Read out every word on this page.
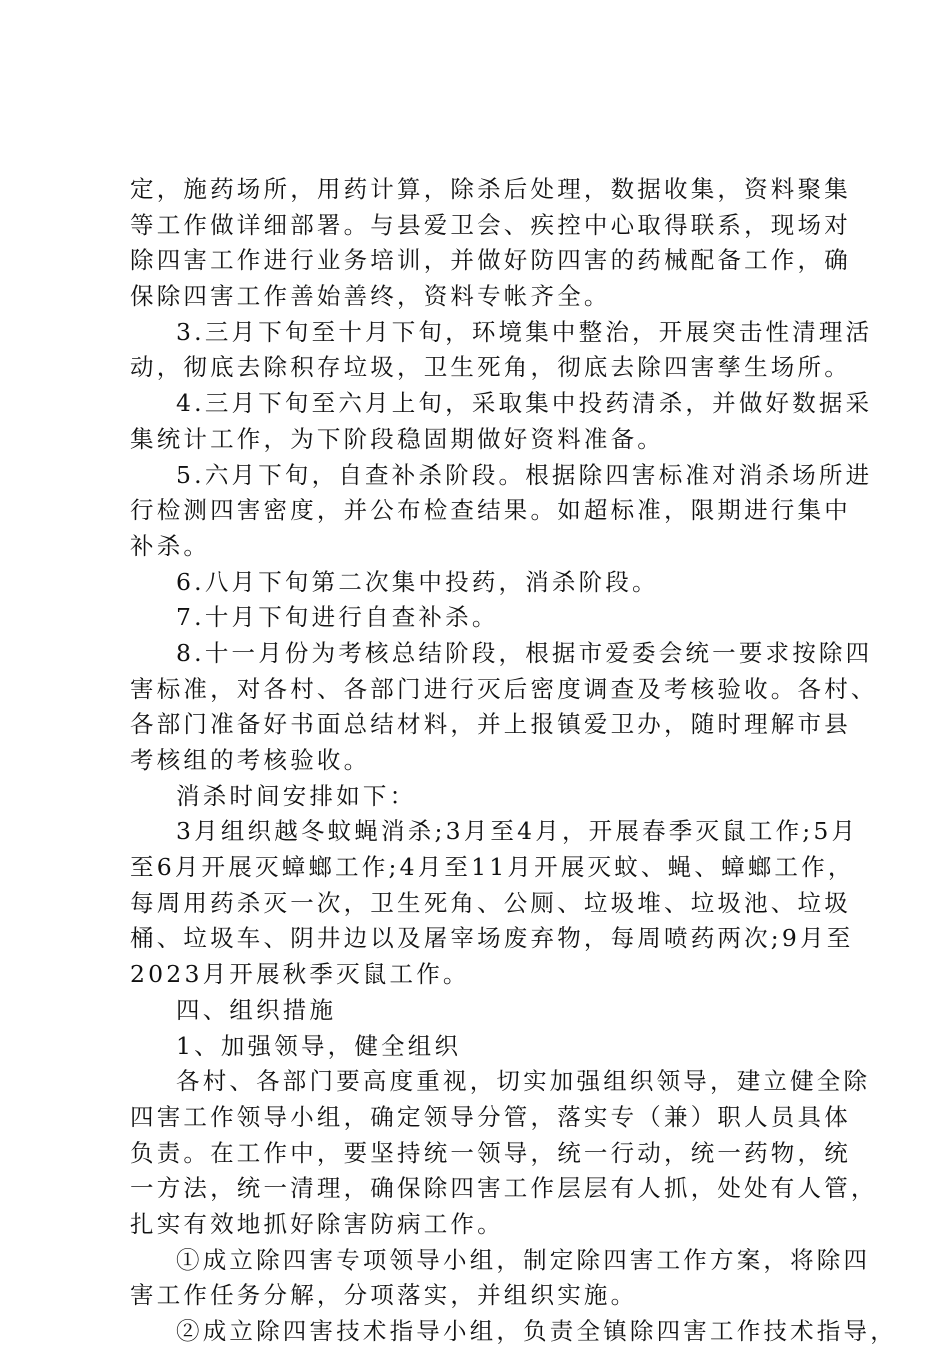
定，施药场所，用药计算，除杀后处理，数据收集，资料聚集
等工作做详细部署。与县爱卫会、疾控中心取得联系，现场对
除四害工作进行业务培训，并做好防四害的药械配备工作，确
保除四害工作善始善终，资料专帐齐全。
3.三月下旬至十月下旬，环境集中整治，开展突击性清理活
动，彻底去除积存垃圾，卫生死角，彻底去除四害孳生场所。
4.三月下旬至六月上旬，采取集中投药清杀，并做好数据采
集统计工作，为下阶段稳固期做好资料准备。
5.六月下旬，自查补杀阶段。根据除四害标准对消杀场所进
行检测四害密度，并公布检查结果。如超标准，限期进行集中
补杀。
6.八月下旬第二次集中投药，消杀阶段。
7.十月下旬进行自查补杀。
8.十一月份为考核总结阶段，根据市爱委会统一要求按除四
害标准，对各村、各部门进行灭后密度调查及考核验收。各村、
各部门准备好书面总结材料，并上报镇爱卫办，随时理解市县
考核组的考核验收。
消杀时间安排如下：
3月组织越冬蚊蝇消杀;3月至4月，开展春季灭鼠工作;5月
至6月开展灭蟑螂工作;4月至11月开展灭蚊、蝇、蟑螂工作，
每周用药杀灭一次，卫生死角、公厕、垃圾堆、垃圾池、垃圾
桶、垃圾车、阴井边以及屠宰场废弃物，每周喷药两次;9月至
2023月开展秋季灭鼠工作。
四、组织措施
1、加强领导，健全组织
各村、各部门要高度重视，切实加强组织领导，建立健全除
四害工作领导小组，确定领导分管，落实专（兼）职人员具体
负责。在工作中，要坚持统一领导，统一行动，统一药物，统
一方法，统一清理，确保除四害工作层层有人抓，处处有人管，
扎实有效地抓好除害防病工作。
①成立除四害专项领导小组，制定除四害工作方案，将除四
害工作任务分解，分项落实，并组织实施。
②成立除四害技术指导小组，负责全镇除四害工作技术指导，
